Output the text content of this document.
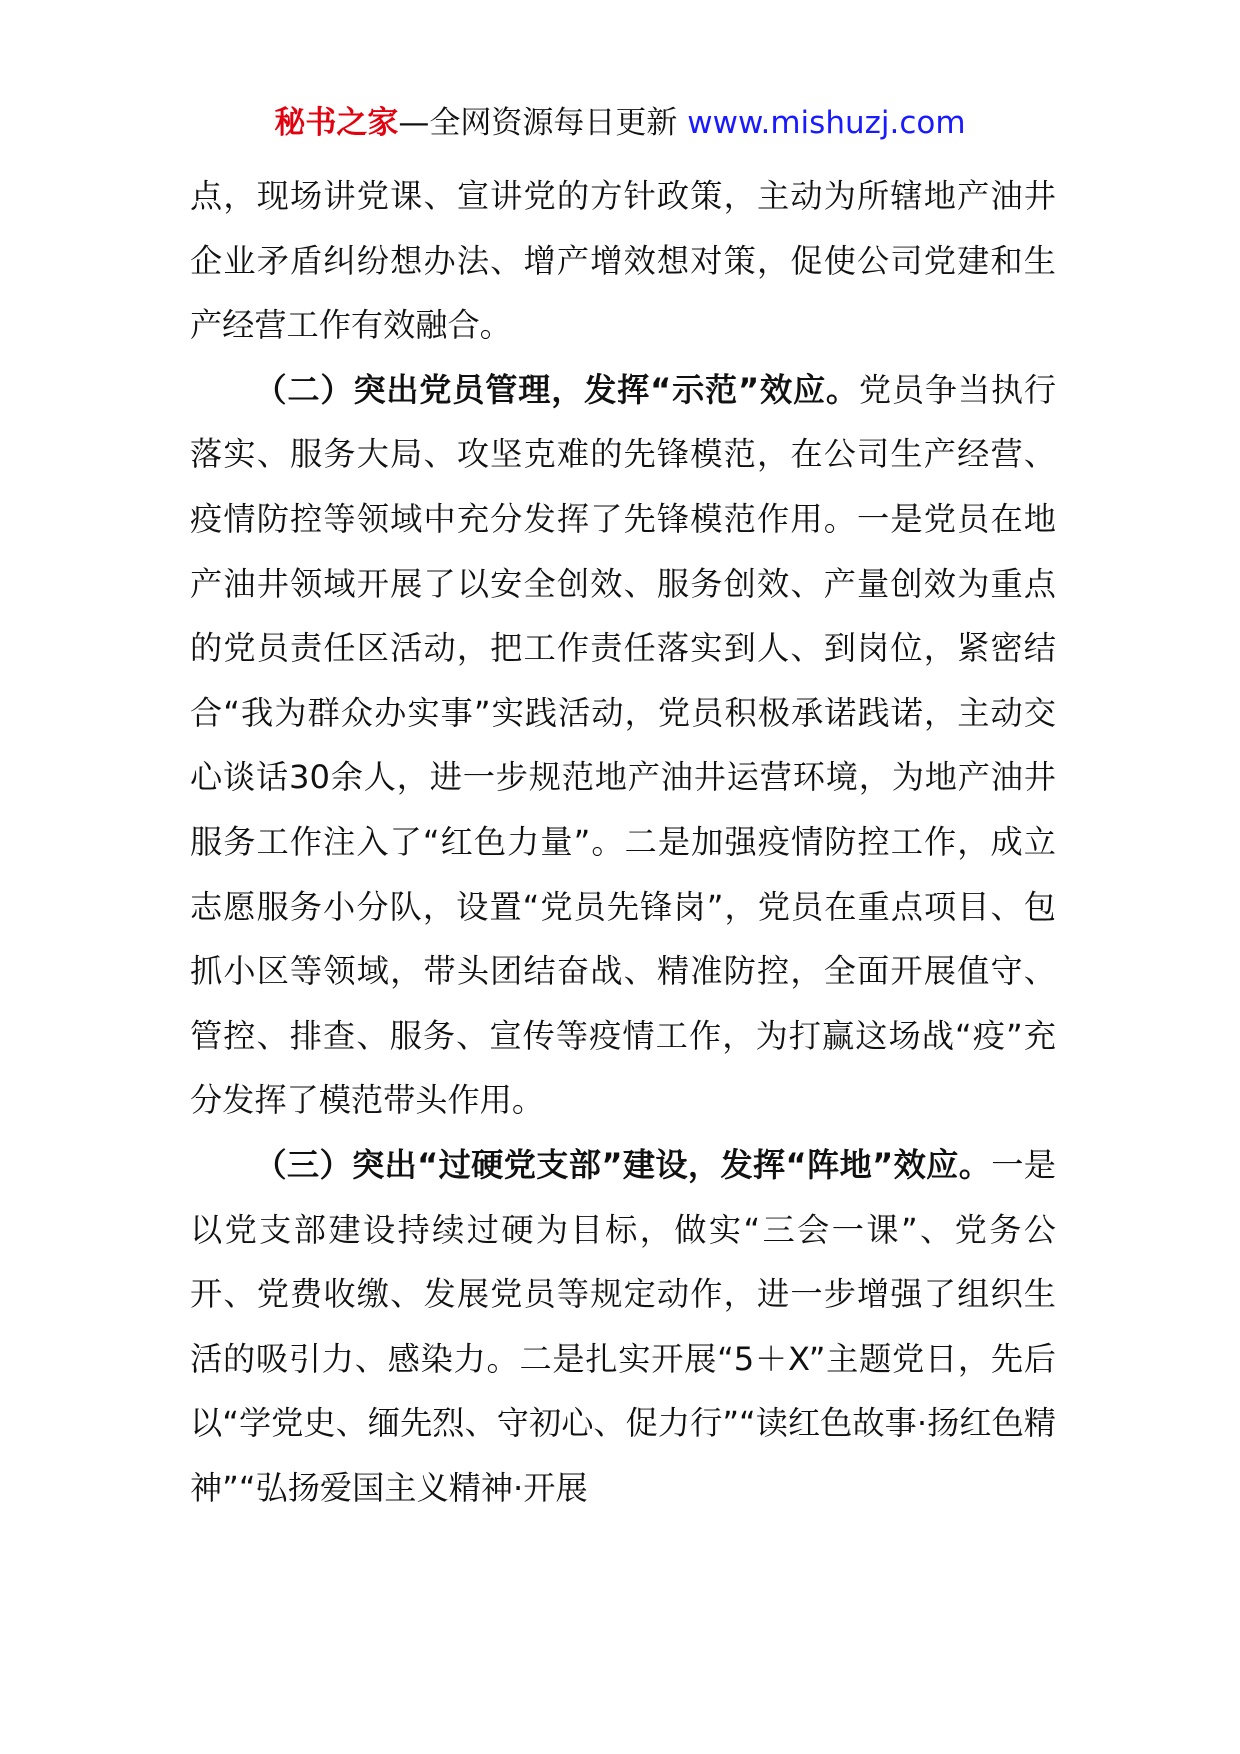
秘书之家—全网资源每日更新 www.mishuzj.com

点，现场讲党课、宣讲党的方针政策，主动为所辖地产油井企业矛盾纠纷想办法、增产增效想对策，促使公司党建和生产经营工作有效融合。

（二）突出党员管理，发挥“示范”效应。党员争当执行落实、服务大局、攻坚克难的先锋模范，在公司生产经营、疫情防控等领域中充分发挥了先锋模范作用。一是党员在地产油井领域开展了以安全创效、服务创效、产量创效为重点的党员责任区活动，把工作责任落实到人、到岗位，紧密结合“我为群众办实事”实践活动，党员积极承诺践诺，主动交心谈话30余人，进一步规范地产油井运营环境，为地产油井服务工作注入了“红色力量”。二是加强疫情防控工作，成立志愿服务小分队，设置“党员先锋岗”，党员在重点项目、包抓小区等领域，带头团结奋战、精准防控，全面开展值守、管控、排查、服务、宣传等疫情工作，为打赢这场战“疫”充分发挥了模范带头作用。

（三）突出“过硬党支部”建设，发挥“阵地”效应。一是以党支部建设持续过硬为目标，做实“三会一课”、党务公开、党费收缴、发展党员等规定动作，进一步增强了组织生活的吸引力、感染力。二是扎实开展“5＋X”主题党日，先后以“学党史、缅先烈、守初心、促力行”“读红色故事·扬红色精神”“弘扬爱国主义精神·开展
